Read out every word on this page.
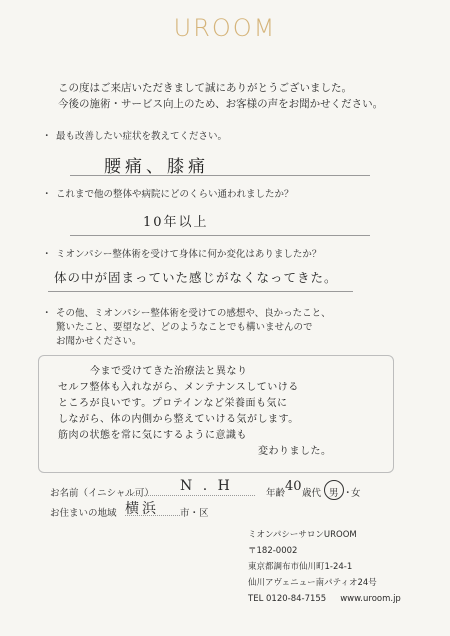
UROOM
この度はご来店いただきまして誠にありがとうございました。
今後の施術・サービス向上のため、お客様の声をお聞かせください。
・ 最も改善したい症状を教えてください。
腰痛、膝痛
・ これまで他の整体や病院にどのくらい通われましたか？
10年以上
・ ミオンパシー整体術を受けて身体に何か変化はありましたか？
体の中が固まっていた感じがなくなってきた。
・ その他、ミオンパシー整体術を受けての感想や、良かったこと、
驚いたこと、要望など、どのようなことでも構いませんので
お聞かせください。
今まで受けてきた治療法と異なり
セルフ整体も入れながら、メンテナンスしていける
ところが良いです。プロテインなど栄養面も気に
しながら、体の内側から整えていける気がします。
筋肉の状態を常に気にするように意識も
変わりました。
お名前（イニシャル可） N . H	年齢 40 歳代 男 ・
女
お住まいの地域 横浜 市・区
ミオンパシーサロンUROOM
〒182-0002
東京都調布市仙川町1-24-1
仙川アヴェニュー南パティオ24号
TEL 0120-84-7155 www.uroom.jp
